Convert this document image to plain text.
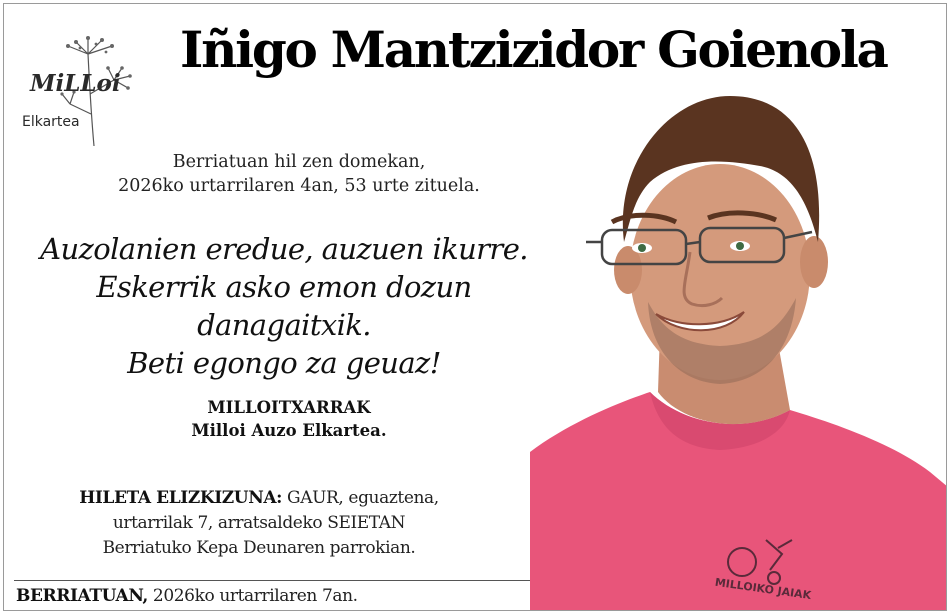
MiLLoi
Elkartea
Iñigo Mantzizidor Goienola
Berriatuan hil zen domekan,
2026ko urtarrilaren 4an, 53 urte zituela.
Auzolanien eredue, auzuen ikurre.
Eskerrik asko emon dozun
danagaitxik.
Beti egongo za geuaz!
MILLOITXARRAK
Milloi Auzo Elkartea.
HILETA ELIZKIZUNA: GAUR, eguaztena,
urtarrilak 7, arratsaldeko SEIETAN
Berriatuko Kepa Deunaren parrokian.
BERRIATUAN, 2026ko urtarrilaren 7an.	MILLOIKO JAIAK
